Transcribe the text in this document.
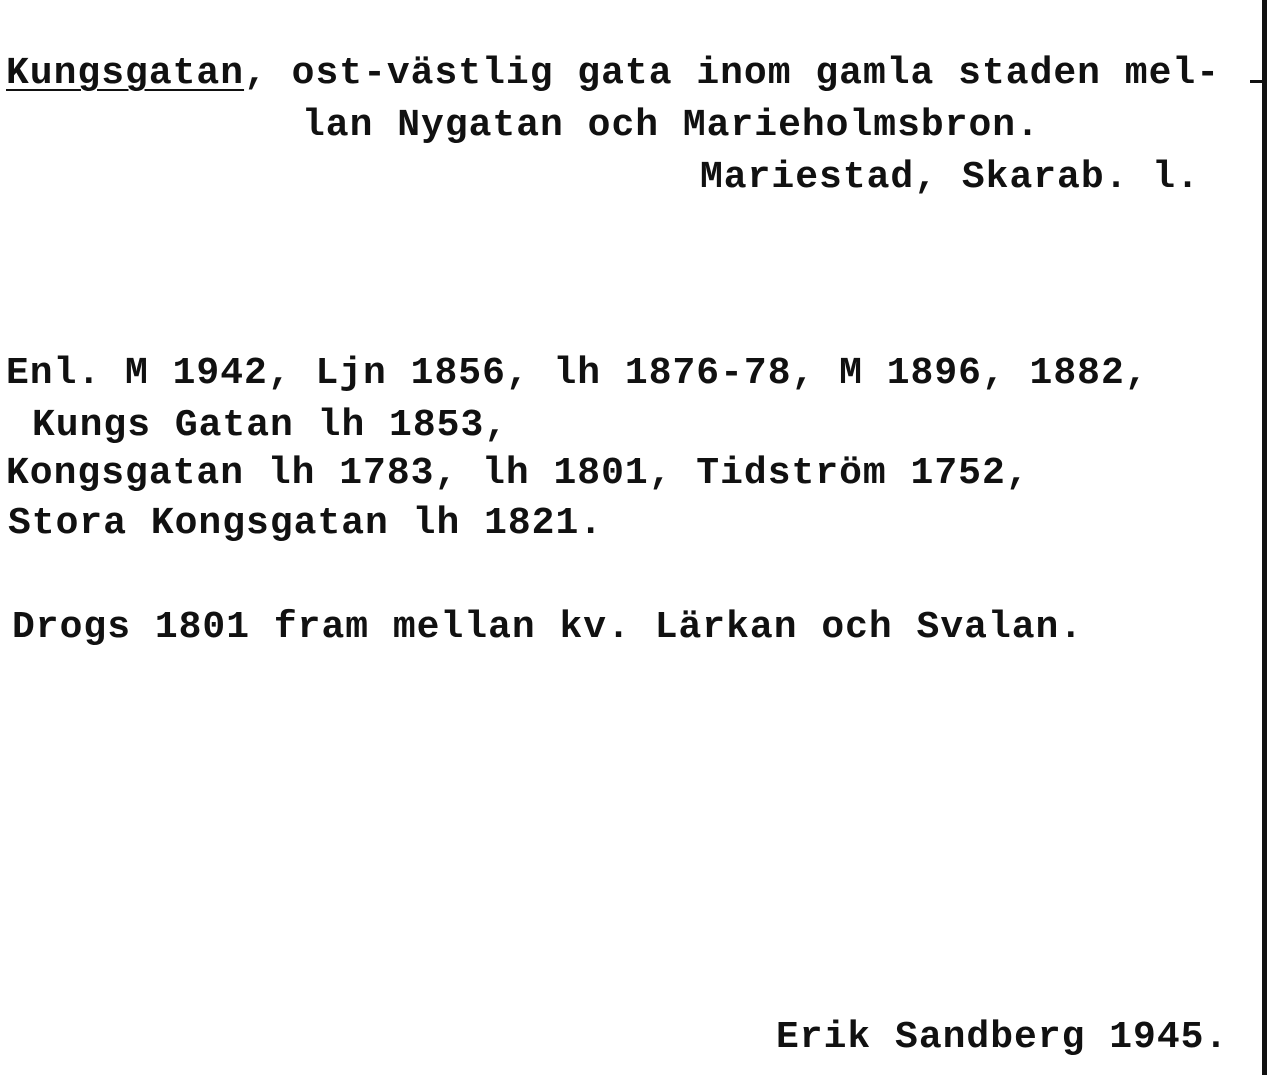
Kungsgatan, ost-västlig gata inom gamla staden mel-
lan Nygatan och Marieholmsbron.
Mariestad, Skarab. l.
Enl. M 1942, Ljn 1856, lh 1876-78, M 1896, 1882,
Kungs Gatan lh 1853,
Kongsgatan lh 1783, lh 1801, Tidström 1752,
Stora Kongsgatan lh 1821.
Drogs 1801 fram mellan kv. Lärkan och Svalan.
Erik Sandberg 1945.
